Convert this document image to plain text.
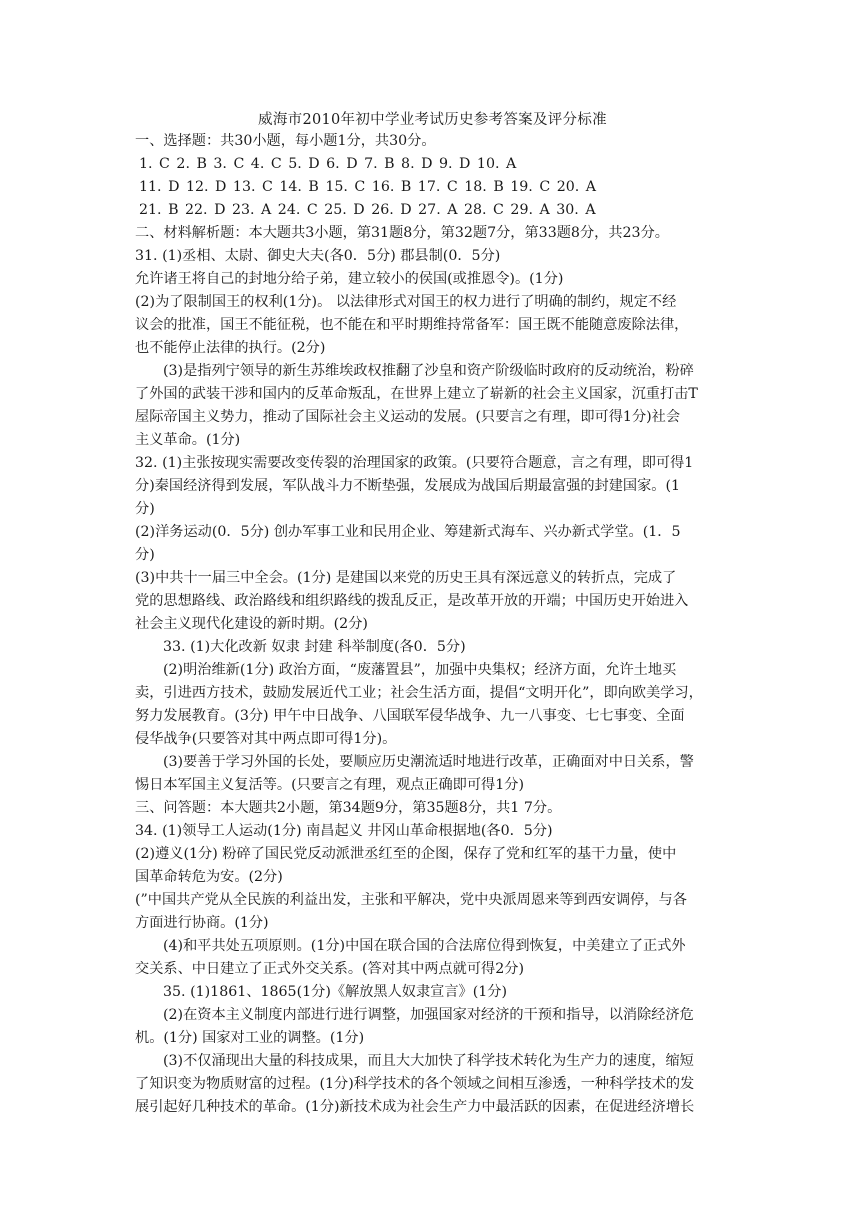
威海市2010年初中学业考试历史参考答案及评分标准
一、选择题：共30小题，每小题1分，共30分。
1. C 2. B 3. C 4. C 5. D 6. D 7. B 8. D 9. D 10. A
11. D 12. D 13. C 14. B 15. C 16. B 17. C 18. B 19. C 20. A
21. B 22. D 23. A 24. C 25. D 26. D 27. A 28. C 29. A 30. A
二、材料解析题：本大题共3小题，第31题8分，第32题7分，第33题8分，共23分。
31. (1)丞相、太尉、御史大夫(各0．5分) 郡县制(0．5分)
允许诸王将自己的封地分给子弟，建立较小的侯国(或推恩令)。(1分)
(2)为了限制国王的权利(1分)。 以法律形式对国王的权力进行了明确的制约，规定不经
议会的批准，国王不能征税，也不能在和平时期维持常备军：国王既不能随意废除法律，
也不能停止法律的执行。(2分)
(3)是指列宁领导的新生苏维埃政权推翻了沙皇和资产阶级临时政府的反动统治，粉碎
了外国的武装干涉和国内的反革命叛乱，在世界上建立了崭新的社会主义国家，沉重打击T
屋际帝国主义势力，推动了国际社会主义运动的发展。(只要言之有理，即可得1分)社会
主义革命。(1分)
32. (1)主张按现实需要改变传裂的治理国家的政策。(只要符合题意，言之有理，即可得1
分)秦国经济得到发展，军队战斗力不断垫强，发展成为战国后期最富强的封建国家。(1
分)
(2)洋务运动(0．5分) 创办军事工业和民用企业、筹建新式海车、兴办新式学堂。(1．5
分)
(3)中共十一届三中全会。(1分) 是建国以来党的历史王具有深远意义的转折点，完成了
党的思想路线、政治路线和组织路线的拨乱反正，是改革开放的开端；中国历史开始进入
社会主义现代化建设的新时期。(2分)
33. (1)大化改新 奴隶 封建 科举制度(各0．5分)
(2)明治维新(1分) 政治方面，“废藩置县”，加强中央集权；经济方面，允许土地买
卖，引进西方技术，鼓励发展近代工业；社会生活方面，提倡“文明开化”，即向欧美学习，
努力发展教育。(3分) 甲午中日战争、八国联军侵华战争、九一八事变、七七事变、全面
侵华战争(只要答对其中两点即可得1分)。
(3)要善于学习外国的长处，要顺应历史潮流适时地进行改革，正确面对中日关系，警
惕日本军国主义复活等。(只要言之有理，观点正确即可得1分)
三、问答题：本大题共2小题，第34题9分，第35题8分，共1 7分。
34. (1)领导工人运动(1分) 南昌起义 井冈山革命根据地(各0．5分)
(2)遵义(1分) 粉碎了国民党反动派泄丞红至的企图，保存了党和红军的基干力量，使中
国革命转危为安。(2分)
(”中国共产党从全民族的利益出发，主张和平解决，党中央派周恩来等到西安调停，与各
方面进行协商。(1分)
(4)和平共处五项原则。(1分)中国在联合国的合法席位得到恢复，中美建立了正式外
交关系、中日建立了正式外交关系。(答对其中两点就可得2分)
35. (1)1861、1865(1分)《解放黑人奴隶宣言》(1分)
(2)在资本主义制度内部进行进行调整，加强国家对经济的干预和指导，以消除经济危
机。(1分) 国家对工业的调整。(1分)
(3)不仅涌现出大量的科技成果，而且大大加快了科学技术转化为生产力的速度，缩短
了知识变为物质财富的过程。(1分)科学技术的各个领域之间相互渗透，一种科学技术的发
展引起好几种技术的革命。(1分)新技术成为社会生产力中最活跃的因素，在促进经济增长
